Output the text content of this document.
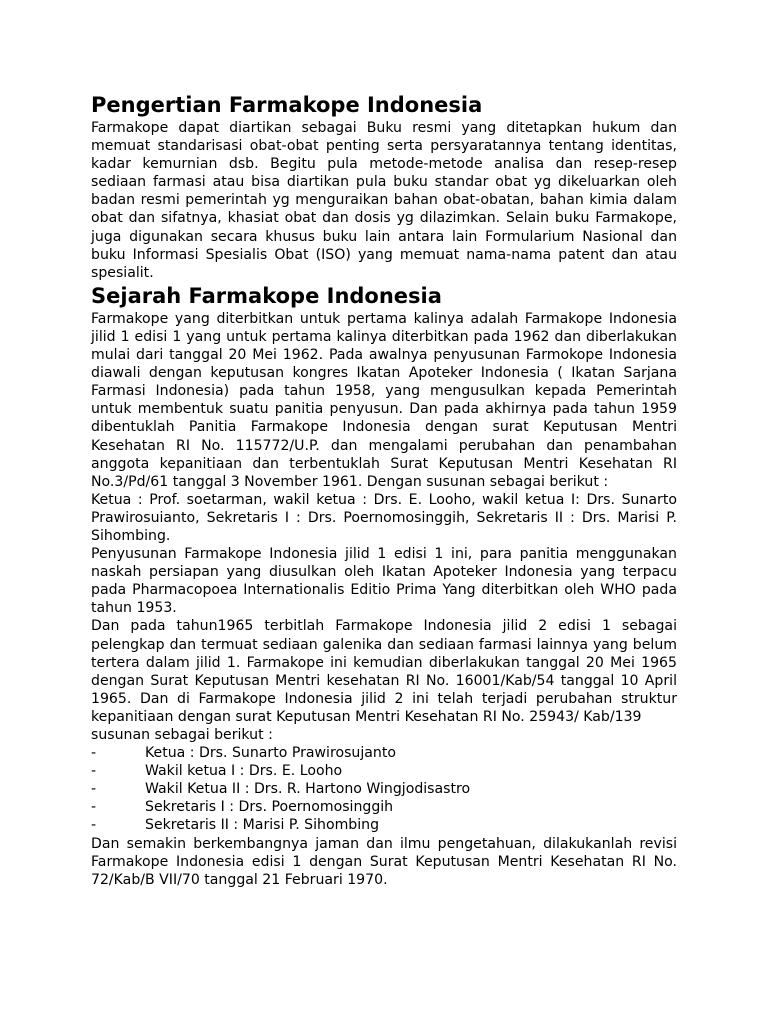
Pengertian Farmakope Indonesia

Farmakope dapat diartikan sebagai Buku resmi yang ditetapkan hukum dan memuat standarisasi obat-obat penting serta persyaratannya tentang identitas, kadar kemurnian dsb. Begitu pula metode-metode analisa dan resep-resep sediaan farmasi atau bisa diartikan pula buku standar obat yg dikeluarkan oleh badan resmi pemerintah yg menguraikan bahan obat-obatan, bahan kimia dalam obat dan sifatnya, khasiat obat dan dosis yg dilazimkan. Selain buku Farmakope, juga digunakan secara khusus buku lain antara lain Formularium Nasional dan buku Informasi Spesialis Obat (ISO) yang memuat nama-nama patent dan atau spesialit.

Sejarah Farmakope Indonesia

Farmakope yang diterbitkan untuk pertama kalinya adalah Farmakope Indonesia jilid 1 edisi 1 yang untuk pertama kalinya diterbitkan pada 1962 dan diberlakukan mulai dari tanggal 20 Mei 1962. Pada awalnya penyusunan Farmokope Indonesia diawali dengan keputusan kongres Ikatan Apoteker Indonesia ( Ikatan Sarjana Farmasi Indonesia) pada tahun 1958, yang mengusulkan kepada Pemerintah untuk membentuk suatu panitia penyusun. Dan pada akhirnya pada tahun 1959 dibentuklah Panitia Farmakope Indonesia dengan surat Keputusan Mentri Kesehatan RI No. 115772/U.P. dan mengalami perubahan dan penambahan anggota kepanitiaan dan terbentuklah Surat Keputusan Mentri Kesehatan RI No.3/Pd/61 tanggal 3 November 1961. Dengan susunan sebagai berikut :

Ketua : Prof. soetarman, wakil ketua : Drs. E. Looho, wakil ketua I: Drs. Sunarto Prawirosuianto, Sekretaris I : Drs. Poernomosinggih, Sekretaris II : Drs. Marisi P. Sihombing.

Penyusunan Farmakope Indonesia jilid 1 edisi 1 ini, para panitia menggunakan naskah persiapan yang diusulkan oleh Ikatan Apoteker Indonesia yang terpacu pada Pharmacopoea Internationalis Editio Prima Yang diterbitkan oleh WHO pada tahun 1953.

Dan pada tahun1965 terbitlah Farmakope Indonesia jilid 2 edisi 1 sebagai pelengkap dan termuat sediaan galenika dan sediaan farmasi lainnya yang belum tertera dalam jilid 1. Farmakope ini kemudian diberlakukan tanggal 20 Mei 1965 dengan Surat Keputusan Mentri kesehatan RI No. 16001/Kab/54 tanggal 10 April 1965. Dan di Farmakope Indonesia jilid 2 ini telah terjadi perubahan struktur kepanitiaan dengan surat Keputusan Mentri Kesehatan RI No. 25943/ Kab/139

susunan sebagai berikut :

-	Ketua : Drs. Sunarto Prawirosujanto
-	Wakil ketua I : Drs. E. Looho
-	Wakil Ketua II : Drs. R. Hartono Wingjodisastro
-	Sekretaris I : Drs. Poernomosinggih
-	Sekretaris II : Marisi P. Sihombing

Dan semakin berkembangnya jaman dan ilmu pengetahuan, dilakukanlah revisi Farmakope Indonesia edisi 1 dengan Surat Keputusan Mentri Kesehatan RI No. 72/Kab/B VII/70 tanggal 21 Februari 1970.
